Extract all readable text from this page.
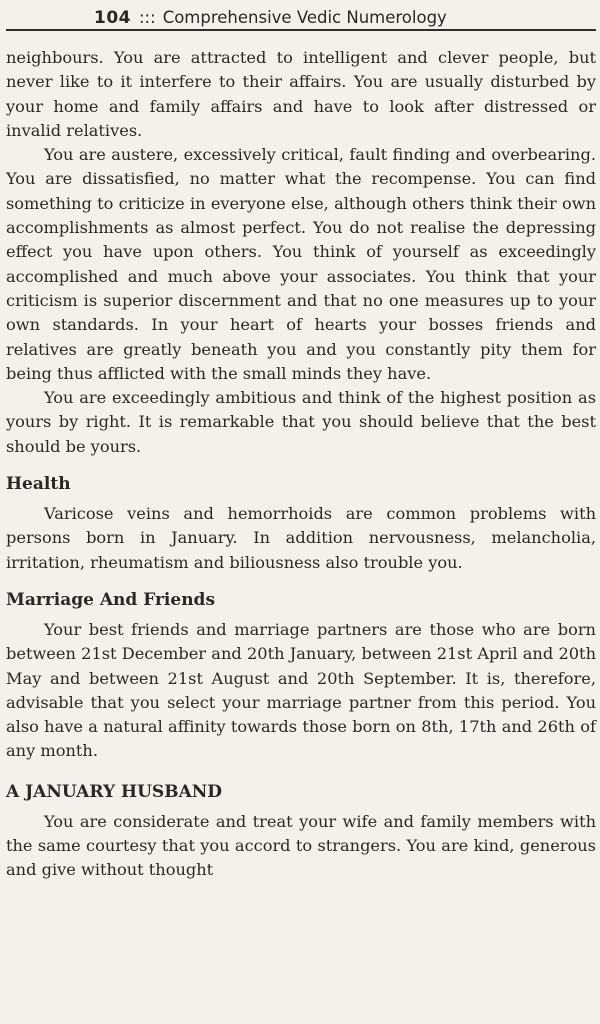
104 ::: Comprehensive Vedic Numerology

neighbours. You are attracted to intelligent and clever people, but never like to it interfere to their affairs. You are usually disturbed by your home and family affairs and have to look after distressed or invalid relatives.

You are austere, excessively critical, fault finding and overbearing. You are dissatisfied, no matter what the recompense. You can find something to criticize in everyone else, although others think their own accomplishments as almost perfect. You do not realise the depressing effect you have upon others. You think of yourself as exceedingly accomplished and much above your associates. You think that your criticism is superior discernment and that no one measures up to your own standards. In your heart of hearts your bosses friends and relatives are greatly beneath you and you constantly pity them for being thus afflicted with the small minds they have.

You are exceedingly ambitious and think of the highest position as yours by right. It is remarkable that you should believe that the best should be yours.

Health

Varicose veins and hemorrhoids are common problems with persons born in January. In addition nervousness, melancholia, irritation, rheumatism and biliousness also trouble you.

Marriage And Friends

Your best friends and marriage partners are those who are born between 21st December and 20th January, between 21st April and 20th May and between 21st August and 20th September. It is, therefore, advisable that you select your marriage partner from this period. You also have a natural affinity towards those born on 8th, 17th and 26th of any month.

A JANUARY HUSBAND

You are considerate and treat your wife and family members with the same courtesy that you accord to strangers. You are kind, generous and give without thought
